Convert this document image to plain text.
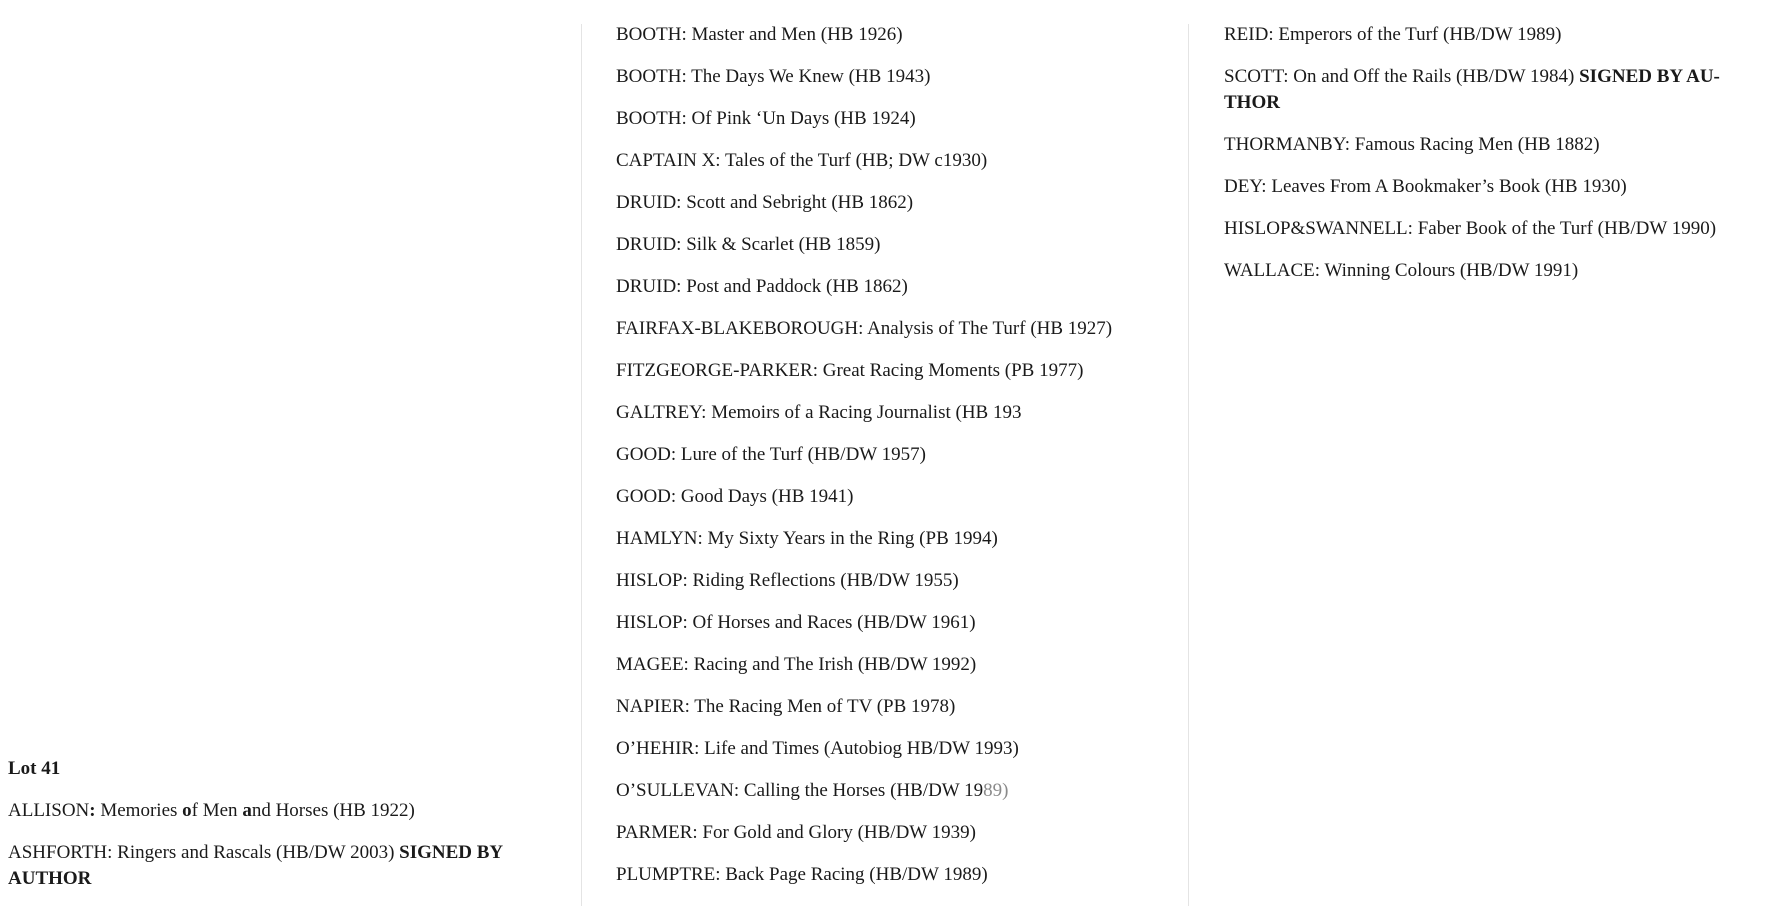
Lot 41
ALLISON: Memories of Men and Horses (HB 1922)
ASHFORTH: Ringers and Rascals (HB/DW 2003) SIGNED BY AUTHOR
BOOTH: Master and Men (HB 1926)
BOOTH: The Days We Knew (HB 1943)
BOOTH: Of Pink ‘Un Days (HB 1924)
CAPTAIN X: Tales of the Turf (HB; DW c1930)
DRUID: Scott and Sebright (HB 1862)
DRUID: Silk & Scarlet (HB 1859)
DRUID: Post and Paddock (HB 1862)
FAIRFAX-BLAKEBOROUGH: Analysis of The Turf (HB 1927)
FITZGEORGE-PARKER: Great Racing Moments (PB 1977)
GALTREY: Memoirs of a Racing Journalist (HB 193
GOOD: Lure of the Turf (HB/DW 1957)
GOOD: Good Days (HB 1941)
HAMLYN: My Sixty Years in the Ring (PB 1994)
HISLOP: Riding Reflections (HB/DW 1955)
HISLOP: Of Horses and Races (HB/DW 1961)
MAGEE: Racing and The Irish (HB/DW 1992)
NAPIER: The Racing Men of TV (PB 1978)
O’HEHIR: Life and Times (Autobiog HB/DW 1993)
O’SULLEVAN: Calling the Horses (HB/DW 1989)
PARMER: For Gold and Glory (HB/DW 1939)
PLUMPTRE: Back Page Racing (HB/DW 1989)
REID: Emperors of the Turf (HB/DW 1989)
SCOTT: On and Off the Rails (HB/DW 1984) SIGNED BY AU-THOR
THORMANBY: Famous Racing Men (HB 1882)
DEY: Leaves From A Bookmaker’s Book (HB 1930)
HISLOP&SWANNELL: Faber Book of the Turf (HB/DW 1990)
WALLACE: Winning Colours (HB/DW 1991)
